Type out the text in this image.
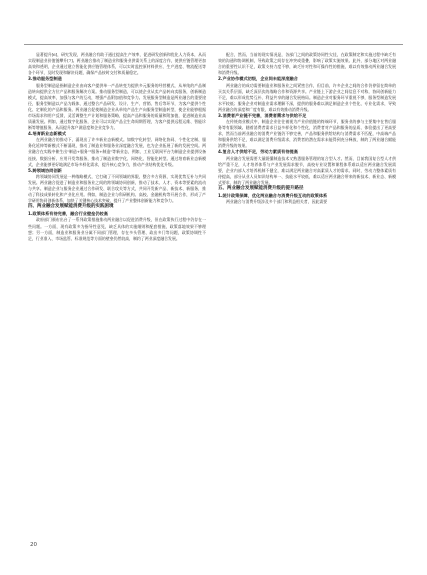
显著提升[6]，研究发现，两业融合有助于通过提高生产效率，促进研发创新和优化人力资本，从而实现制造业价值链攀升[7]。两业融合推动了制造业和服务业供需关系上的深度合作，使供应链管理更加高效和透明，企业通过建立智能化供应链管理体系，可以实时监控原材料供应、生产进度、物流配送等各个环节，及时发现和解决问题，确保产品按时交付和质量稳定。

3.推动服务型制造

服务型制造是指制造企业由向客户提供单一产品转变为提供多元服务的经营模式，从单纯的产品制造转向提供全方位产品和服务解决方案。推动服务型制造，可以使企业从卖产品转向卖服务，创新制造模式，提高效率，加强与客户的互动，增强产品附加值和竞争力。发展服务型制造是两业融合的重要途径，服务型制造以产品为载体，通过整合产品研发、设计、生产、营销、售后等环节，为客户提供个性化、定制化的产品和服务。两业融合促使制造企业从单纯产品生产向服务型制造转型，使企业能够根据市场需求和用户反馈，灵活调整生产计划和服务策略，提高产品和服务的质量和附加值，促进制造业高质量发展。例如，通过数字化服务，企业可以实现产品全生命周期管理，为客户提供远程运维、智能诊断等增值服务，从而提升客户满意度和企业竞争力。

4.培育新业态新模式

在两业融合的推动下，涌现出了许多新业态新模式。如数字化转型、网络化协同、个性化定制、服务化延伸等新模式不断涌现，推动了制造业和服务业深度融合发展，也为企业拓展了新的发展空间。两业融合在实践中催生出"制造+服务""服务+制造"等新业态，例如，工业互联网平台为制造企业提供设备连接、数据分析、应用开发等服务，推动了制造业数字化、网络化、智能化转型。通过培育新业态新模式，企业能够更好地满足市场多样化需求，提升核心竞争力，推动产业结构优化升级。

5.跨领域协同创新

跨领域协同发展是一种战略模式，它打破了不同领域的界限，整合多方资源，实现优势互补与共同发展。两业融合促进了制造业和服务业之间的跨领域协同创新，推动了技术、人才、资本等要素的流动与共享。制造企业与服务企业通过合作研发、联合攻关等方式，共同开发新产品、新技术、新服务，推动了科技成果转化和产业化应用。例如，制造企业与科研机构、高校、金融机构等开展合作，形成了产学研用协同创新体系，加快了关键核心技术突破，提升了产业整体创新能力和竞争力。

四、两业融合发展赋能消费升级的实践困境

1.政策体系有待完善，融合行业壁垒仍较高

政府部门颁布出台了一系列政策措施推动两业融合以促进消费升级，但在政策执行过程中仍存在一些问题。一方面，现有政策多为指导性意见，缺乏具体的实施细则和配套措施，政策落地效果不够理想；另一方面，制造业和服务业分属不同部门管理，存在多头管理、政出多门等问题，政策协调性不足，行业准入、市场监管、标准规范等方面的壁垒仍然较高，制约了两业深度融合发展。

配合，然而，当前的现实情况是，各部门之间的政策协同性欠佳，在政策制定和实施过程中缺乏有效的沟通和协调机制，导致政策之间存在冲突或重叠，影响了政策实施效果。此外，部分地区对两业融合的重要性认识不足，政策支持力度不够，缺乏针对性和可操作性的措施，难以有效推动两业融合发展和消费升级。

2.产业协作模式初级，企业间未能深度融合

两业融合的成功需要制造业和服务业之间紧密合作，但目前，许多企业之间的合作仍停留在简单的买卖关系层面，缺乏深层次的战略合作和资源共享。产业链上下游企业之间信息不对称，协同创新能力不足，难以形成优势互补、利益共享的融合发展格局。制造企业对服务环节重视不够，服务型制造发展水平较低；服务企业对制造业需求理解不深，提供的服务难以满足制造企业个性化、专业化需求，导致两业融合的深度和广度有限，难以有效推动消费升级。

3.消费者产业链不完善，消费者需求与供给不足

在传统商业模式中，制造企业往往被视为产业价值链的终端环节，服务业的参与主要集中在售后服务等有限领域。随着消费者需求日益多样化和个性化，消费者对产品和服务的品质、体验提出了更高要求，然而当前两业融合的消费产业链仍不够完善，产品和服务供给结构与消费需求不匹配，中高端产品和服务供给不足，难以满足消费升级需求，消费者的潜在需求未能得到充分释放，制约了两业融合赋能消费升级的效果。

4.复合人才供给不足，劳动力素质有待提高

两业融合发展需要大量既懂制造技术又熟悉服务管理的复合型人才。然而，目前我国复合型人才供给严重不足，人才培养体系与产业发展需求脱节，高校专业设置和课程体系难以适应两业融合发展需要，企业内部人才培养机制不健全，难以满足两业融合对高素质人才的需求。同时，劳动力整体素质有待提高，部分从业人员知识结构单一、技能水平较低，难以适应两业融合带来的新技术、新业态、新模式要求，制约了两业融合发展。

五、两业融合发展赋能消费升级的提升路径

1.统计政策保障，优化两业融合与消费升级互动的政策体系

两业融合与消费升级涉及多个部门和利益相关者，因此需要

20
